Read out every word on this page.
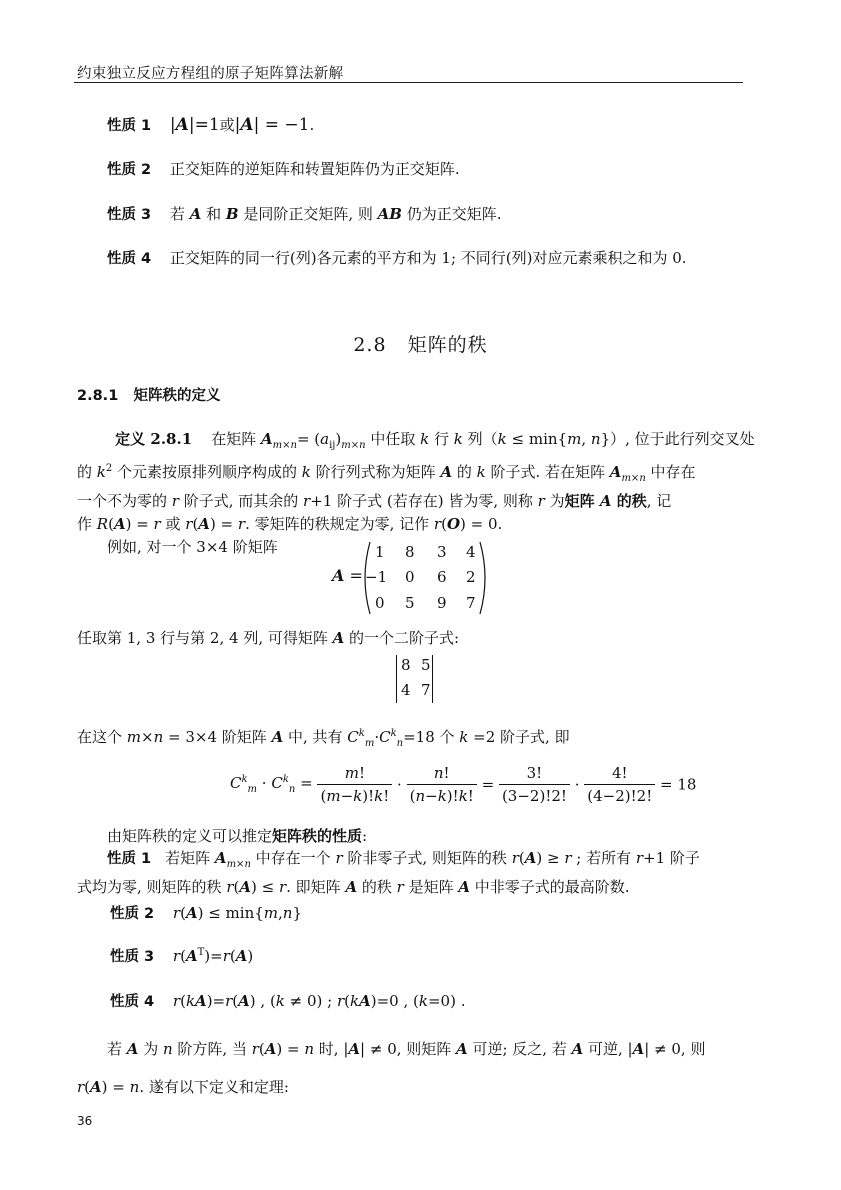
约束独立反应方程组的原子矩阵算法新解
性质 1 |A|=1或|A| = −1.
性质 2 正交矩阵的逆矩阵和转置矩阵仍为正交矩阵.
性质 3 若 A 和 B 是同阶正交矩阵, 则 AB 仍为正交矩阵.
性质 4 正交矩阵的同一行(列)各元素的平方和为 1; 不同行(列)对应元素乘积之和为 0.
2.8 矩阵的秩
2.8.1 矩阵秩的定义
定义 2.8.1    在矩阵 $A_{m\times n}= (a_{ij})_{m\times n}$ 中任取 k 行 k 列（k ≤ min{m, n}）, 位于此行列交叉处
的 $k^2$ 个元素按原排列顺序构成的 k 阶行列式称为矩阵 A 的 k 阶子式. 若在矩阵 $A_{m\times n}$ 中存在
一个不为零的 r 阶子式, 而其余的 r+1 阶子式 (若存在) 皆为零, 则称 r 为矩阵 A 的秩, 记
作 R(A) = r 或 r(A) = r. 零矩阵的秩规定为零, 记作 r(O) = 0.
例如, 对一个 3×4 阶矩阵
A =
1 8 3 4
−1 0 6 2
0 5 9 7
任取第 1, 3 行与第 2, 4 列, 可得矩阵 A 的一个二阶子式:
8 5
4 7
在这个 m×n = 3×4 阶矩阵 A 中, 共有 $C^k_m\cdot C^k_n=18$ 个 k =2 阶子式, 即
$C^k_m \cdot C^k_n = \frac{m!}{(m-k)!k!} \cdot \frac{n!}{(n-k)!k!} = \frac{3!}{(3-2)!2!} \cdot \frac{4!}{(4-2)!2!} = 18$
由矩阵秩的定义可以推定矩阵秩的性质:
性质 1 若矩阵 $A_{m\times n}$ 中存在一个 r 阶非零子式, 则矩阵的秩 r(A) ≥ r ; 若所有 r+1 阶子
式均为零, 则矩阵的秩 r(A) ≤ r. 即矩阵 A 的秩 r 是矩阵 A 中非零子式的最高阶数.
性质 2 r(A) ≤ min{m,n}
性质 3 $r(A^T)=r(A)$
性质 4 r(kA)=r(A) , (k ≠ 0) ; r(kA)=0 , (k=0) .
若 A 为 n 阶方阵, 当 r(A) = n 时, |A| ≠ 0, 则矩阵 A 可逆; 反之, 若 A 可逆, |A| ≠ 0, 则
r(A) = n. 遂有以下定义和定理:
36
